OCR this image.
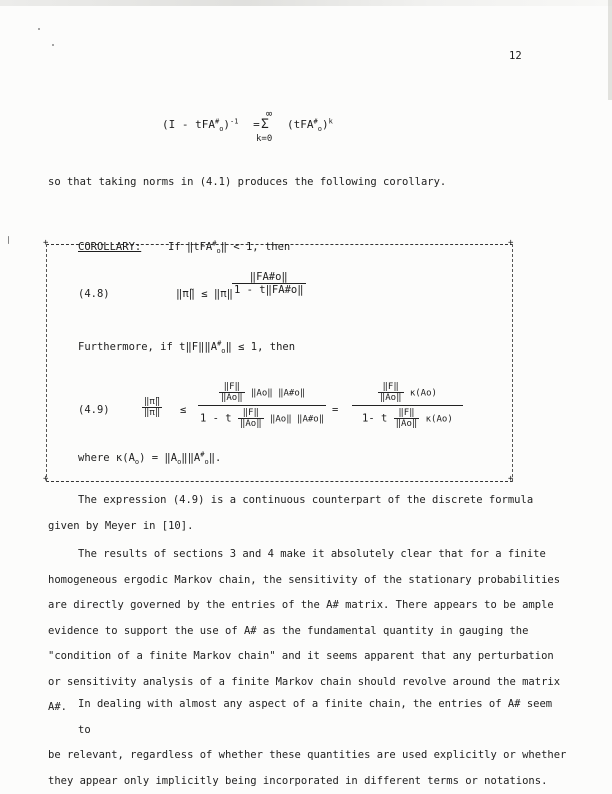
12
(I - tFA#$_o$)$^{-1}$ =
∞
Σ
k=0
$(tFA^{\#}_o)^k$
so that taking norms in (4.1) produces the following corollary.
+	+
+	+
COROLLARY:	If ‖tFA#$_o$‖ < 1, then
(4.8)	‖π̃‖ ≤ ‖π‖ $\frac{‖FA\#o‖}{1 - t‖FA\#o‖}$
Furthermore, if $t‖F‖‖A^{\#}_o‖ \le 1$, then
(4.9)	$\frac{‖\pĩ‖}{‖\pi‖}$ ≤
$\frac{‖F‖}{‖Ao‖}$ ‖Ao‖ ‖A#o‖
1 - t $\frac{‖F‖}{‖Ao‖}$ ‖Ao‖ ‖A#o‖
= $\frac{\frac{‖F‖}{‖Ao‖} \kappa(Ao)}{1- t \frac{‖F‖}{‖Ao‖} \kappa(Ao)}$
where $\kappa(A_o)$ = $‖A_o‖‖A^{\#}_o‖$.
The expression (4.9) is a continuous counterpart of the discrete formula
given by Meyer in [10].
The results of sections 3 and 4 make it absolutely clear that for a finite
homogeneous ergodic Markov chain, the sensitivity of the stationary probabilities
are directly governed by the entries of the A# matrix. There appears to be ample
evidence to support the use of A# as the fundamental quantity in gauging the
"condition of a finite Markov chain" and it seems apparent that any perturbation
or sensitivity analysis of a finite Markov chain should revolve around the matrix A#.	In dealing with almost any aspect of a finite chain, the entries of A# seem to
be relevant, regardless of whether these quantities are used explicitly or whether
they appear only implicitly being incorporated in different terms or notations.
